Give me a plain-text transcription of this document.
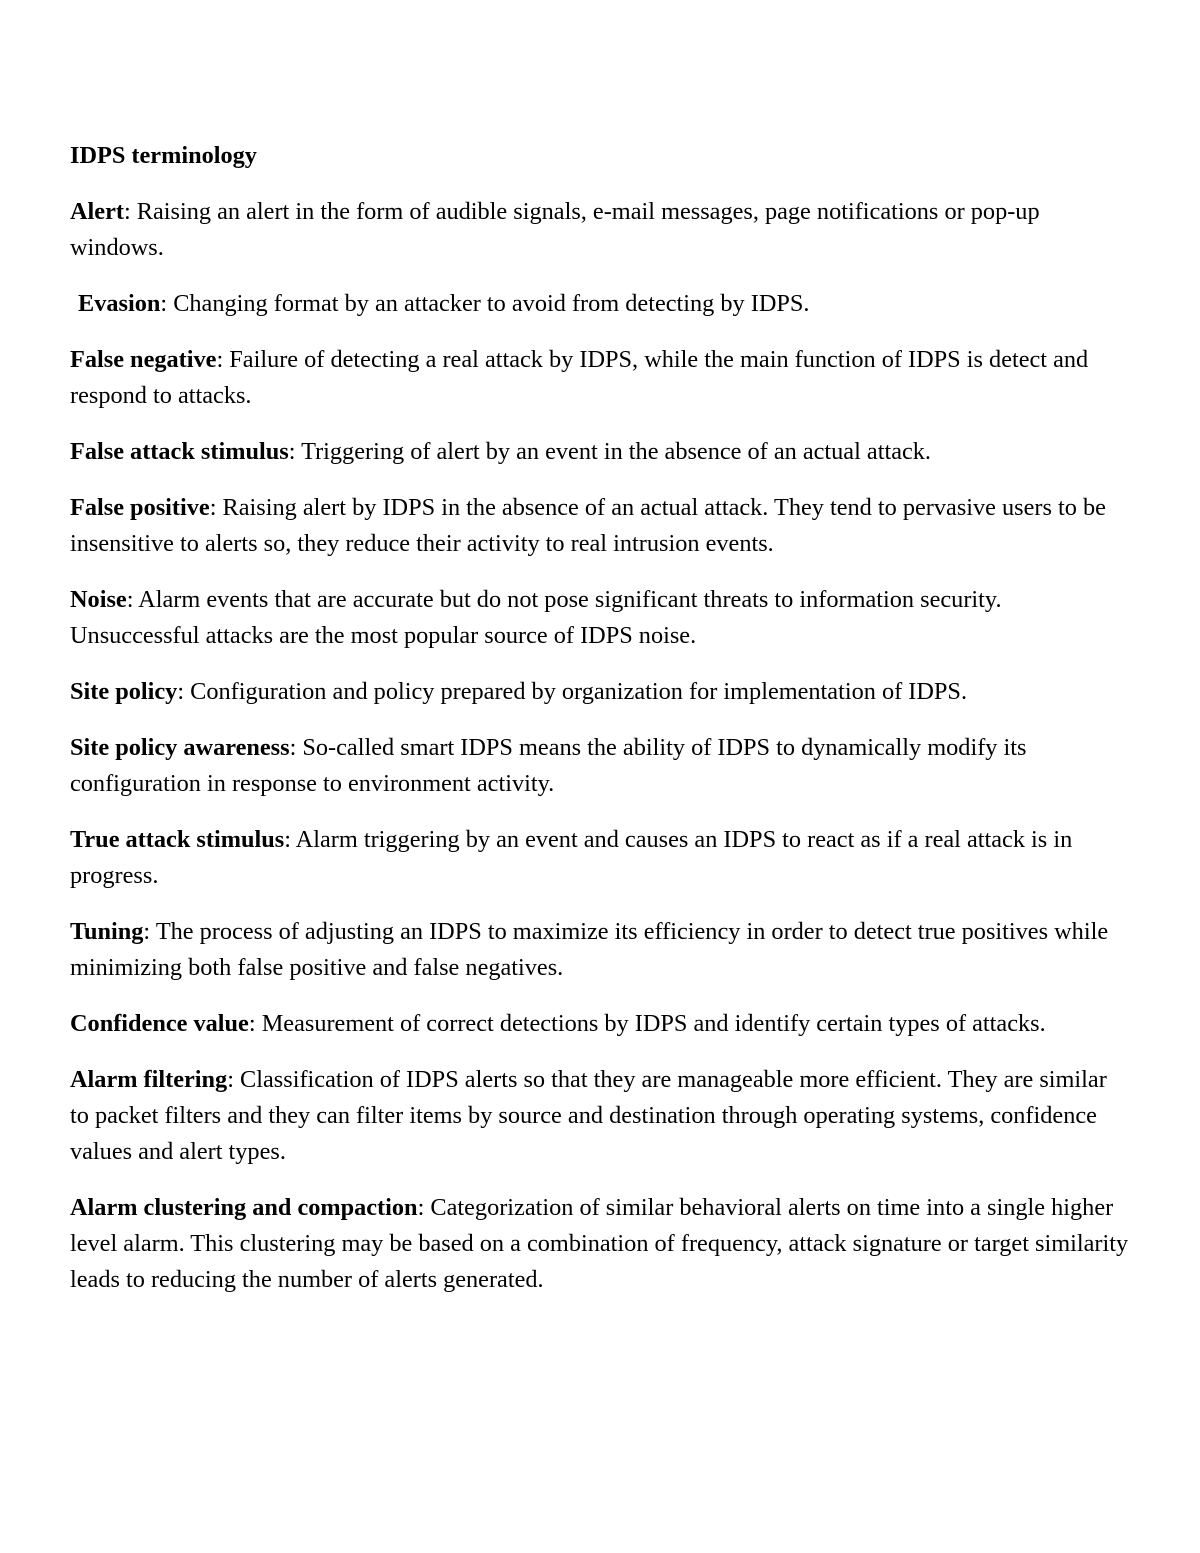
IDPS terminology

Alert: Raising an alert in the form of audible signals, e-mail messages, page notifications or pop-up windows.

Evasion: Changing format by an attacker to avoid from detecting by IDPS.

False negative: Failure of detecting a real attack by IDPS, while the main function of IDPS is detect and respond to attacks.

False attack stimulus: Triggering of alert by an event in the absence of an actual attack.

False positive: Raising alert by IDPS in the absence of an actual attack. They tend to pervasive users to be insensitive to alerts so, they reduce their activity to real intrusion events.

Noise: Alarm events that are accurate but do not pose significant threats to information security. Unsuccessful attacks are the most popular source of IDPS noise.

Site policy: Configuration and policy prepared by organization for implementation of IDPS.

Site policy awareness: So-called smart IDPS means the ability of IDPS to dynamically modify its configuration in response to environment activity.

True attack stimulus: Alarm triggering by an event and causes an IDPS to react as if a real attack is in progress.

Tuning: The process of adjusting an IDPS to maximize its efficiency in order to detect true positives while minimizing both false positive and false negatives.

Confidence value: Measurement of correct detections by IDPS and identify certain types of attacks.

Alarm filtering: Classification of IDPS alerts so that they are manageable more efficient. They are similar to packet filters and they can filter items by source and destination through operating systems, confidence values and alert types.

Alarm clustering and compaction: Categorization of similar behavioral alerts on time into a single higher level alarm. This clustering may be based on a combination of frequency, attack signature or target similarity leads to reducing the number of alerts generated.
